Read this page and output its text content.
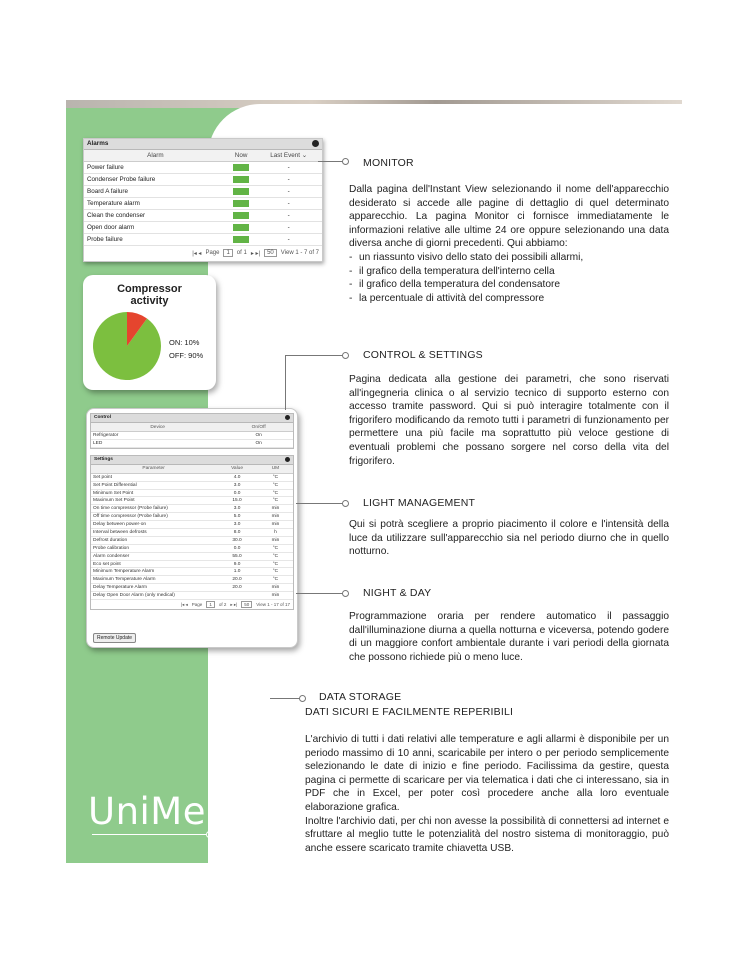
Alarms
Alarm	Now	Last Event ⌄
Power failure		-
Condenser Probe failure		-
Board A failure		-
Temperature alarm		-
Clean the condenser		-
Open door alarm		-
Probe failure		-
|◂ ◂ Page	1	of 1 ▸ ▸|	50	View 1 - 7 of 7
Compressor activity
ON: 10%
OFF: 90%
Control
Device	On/Off
Refrigerator	On
LED	On
Settings
Parameter	Value	UM
Set point	4.0	°C
Set Point Differential	3.0	°C
Minimum Set Point	0.0	°C
Maximum Set Point	15.0	°C
On time compressor (Probe failure)	3.0	min
Off time compressor (Probe failure)	5.0	min
Delay between power-on	3.0	min
Interval between defrosts	8.0	h
Defrost duration	30.0	min
Probe calibration	0.0	°C
Alarm condenser	55.0	°C
Eco set point	9.0	°C
Minimum Temperature Alarm	1.0	°C
Maximum Temperature Alarm	20.0	°C
Delay Temperature Alarm	20.0	min
Delay Open Door Alarm (only medical)		min
|◂ ◂ Page	1	of 2 ▸ ▸|	50	View 1 - 17 of 17
Remote Update
MONITOR
Dalla pagina dell'Instant View selezionando il nome dell'apparecchio desiderato si accede alle pagine di dettaglio di quel determinato apparecchio. La pagina Monitor ci fornisce immediatamente le informazioni relative alle ultime 24 ore oppure selezionando una data diversa anche di giorni precedenti. Qui abbiamo:
- un riassunto visivo dello stato dei possibili allarmi,
- il grafico della temperatura dell'interno cella
- il grafico della temperatura del condensatore
- la percentuale di attività del compressore
CONTROL & SETTINGS
Pagina dedicata alla gestione dei parametri, che sono riservati all'ingegneria clinica o al servizio tecnico di supporto esterno con accesso tramite password. Qui si può interagire totalmente con il frigorifero modificando da remoto tutti i parametri di funzionamento per permettere una più facile ma soprattutto più veloce gestione di eventuali problemi che possano sorgere nel corso della vita del frigorifero.
LIGHT MANAGEMENT
Qui si potrà scegliere a proprio piacimento il colore e l'intensità della luce da utilizzare sull'apparecchio sia nel periodo diurno che in quello notturno.
NIGHT & DAY
Programmazione oraria per rendere automatico il passaggio dall'illuminazione diurna a quella notturna e viceversa, potendo godere di un maggiore confort ambientale durante i vari periodi della giornata che possono richiede più o meno luce.
DATA STORAGE
DATI SICURI E FACILMENTE REPERIBILI
L'archivio di tutti i dati relativi alle temperature e agli allarmi è disponibile per un periodo massimo di 10 anni, scaricabile per intero o per periodo semplicemente selezionando le date di inizio e fine periodo. Facilissima da gestire, questa pagina ci permette di scaricare per via telematica i dati che ci interessano, sia in PDF che in Excel, per poter così procedere anche alla loro eventuale elaborazione grafica.
Inoltre l'archivio dati, per chi non avesse la possibilità di connettersi ad internet e sfruttare al meglio tutte le potenzialità del nostro sistema di monitoraggio, può anche essere scaricato tramite chiavetta USB.
UniMedical
